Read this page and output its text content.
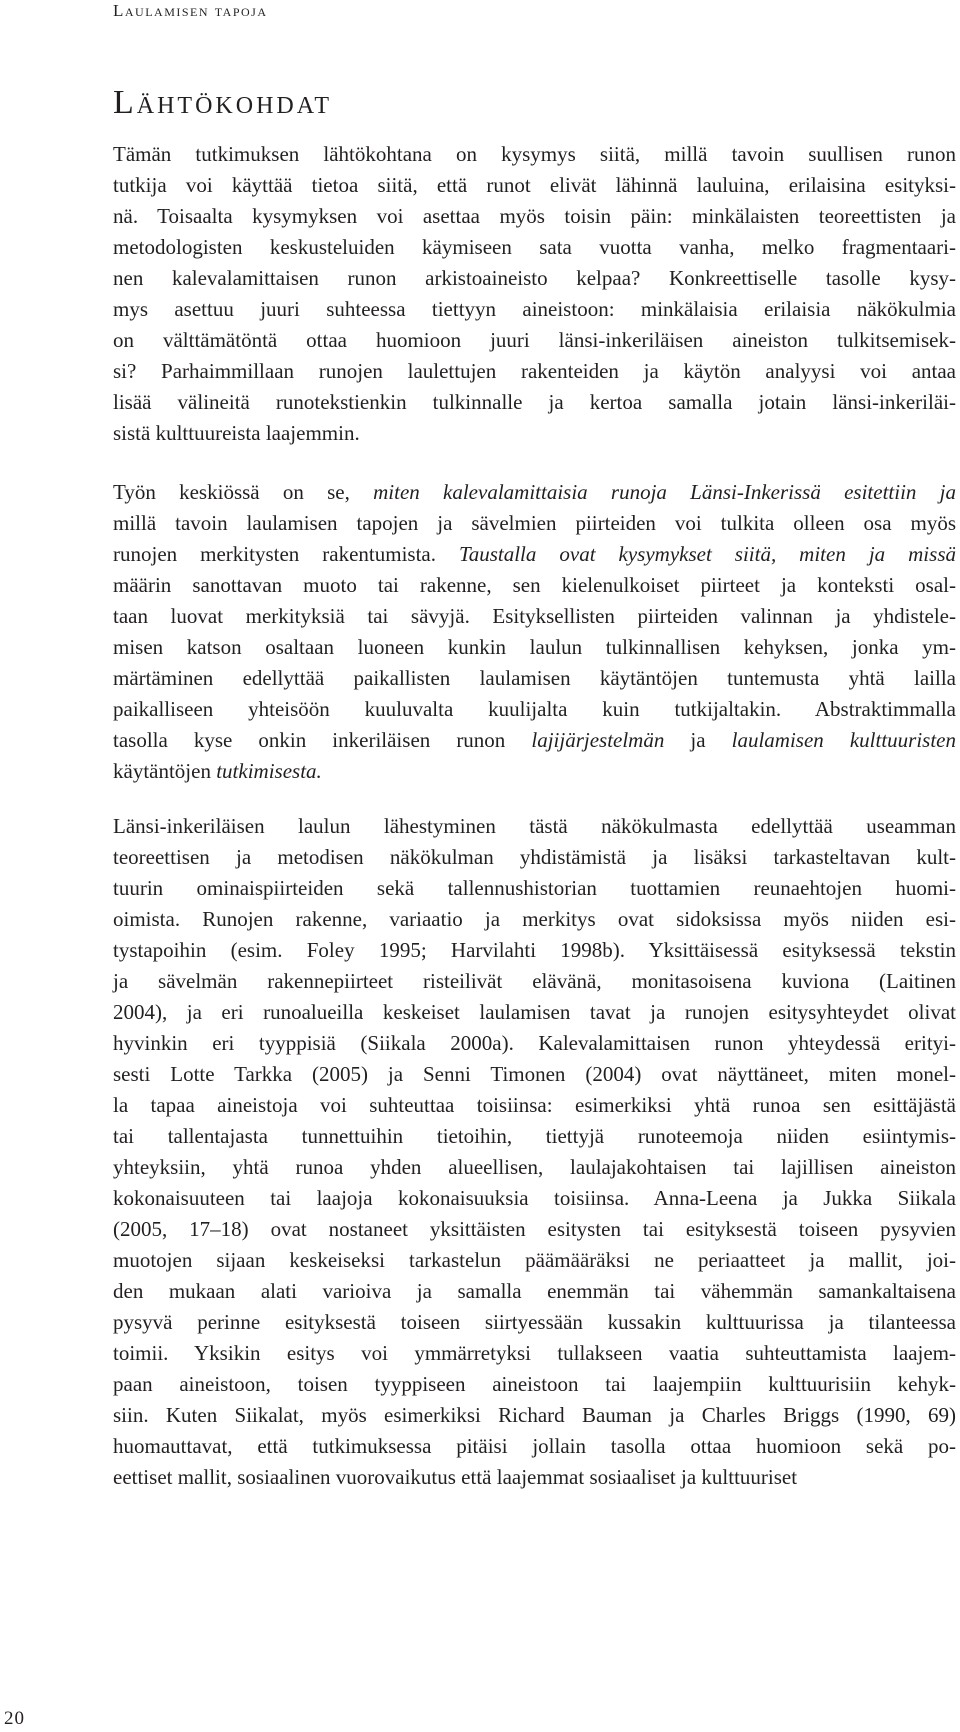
Laulamisen tapoja
Lähtökohdat
Tämän tutkimuksen lähtökohtana on kysymys siitä, millä tavoin suullisen runon
tutkija voi käyttää tietoa siitä, että runot elivät lähinnä lauluina, erilaisina esityksi-
nä. Toisaalta kysymyksen voi asettaa myös toisin päin: minkälaisten teoreettisten ja
metodologisten keskusteluiden käymiseen sata vuotta vanha, melko fragmentaari-
nen kalevalamittaisen runon arkistoaineisto kelpaa? Konkreettiselle tasolle kysy-
mys asettuu juuri suhteessa tiettyyn aineistoon: minkälaisia erilaisia näkökulmia
on välttämätöntä ottaa huomioon juuri länsi-inkeriläisen aineiston tulkitsemisek-
si? Parhaimmillaan runojen laulettujen rakenteiden ja käytön analyysi voi antaa
lisää välineitä runotekstienkin tulkinnalle ja kertoa samalla jotain länsi-inkeriläi-
sistä kulttuureista laajemmin.
Työn keskiössä on se, miten kalevalamittaisia runoja Länsi-Inkerissä esitettiin ja
millä tavoin laulamisen tapojen ja sävelmien piirteiden voi tulkita olleen osa myös
runojen merkitysten rakentumista. Taustalla ovat kysymykset siitä, miten ja missä
määrin sanottavan muoto tai rakenne, sen kielenulkoiset piirteet ja konteksti osal-
taan luovat merkityksiä tai sävyjä. Esityksellisten piirteiden valinnan ja yhdistele-
misen katson osaltaan luoneen kunkin laulun tulkinnallisen kehyksen, jonka ym-
märtäminen edellyttää paikallisten laulamisen käytäntöjen tuntemusta yhtä lailla
paikalliseen yhteisöön kuuluvalta kuulijalta kuin tutkijaltakin. Abstraktimmalla
tasolla kyse onkin inkeriläisen runon lajijärjestelmän ja laulamisen kulttuuristen
käytäntöjen tutkimisesta.
Länsi-inkeriläisen laulun lähestyminen tästä näkökulmasta edellyttää useamman
teoreettisen ja metodisen näkökulman yhdistämistä ja lisäksi tarkasteltavan kult-
tuurin ominaispiirteiden sekä tallennushistorian tuottamien reunaehtojen huomi-
oimista. Runojen rakenne, variaatio ja merkitys ovat sidoksissa myös niiden esi-
tystapoihin (esim. Foley 1995; Harvilahti 1998b). Yksittäisessä esityksessä tekstin
ja sävelmän rakennepiirteet risteilivät elävänä, monitasoisena kuviona (Laitinen
2004), ja eri runoalueilla keskeiset laulamisen tavat ja runojen esitysyhteydet olivat
hyvinkin eri tyyppisiä (Siikala 2000a). Kalevalamittaisen runon yhteydessä erityi-
sesti Lotte Tarkka (2005) ja Senni Timonen (2004) ovat näyttäneet, miten monel-
la tapaa aineistoja voi suhteuttaa toisiinsa: esimerkiksi yhtä runoa sen esittäjästä
tai tallentajasta tunnettuihin tietoihin, tiettyjä runoteemoja niiden esiintymis-
yhteyksiin, yhtä runoa yhden alueellisen, laulajakohtaisen tai lajillisen aineiston
kokonaisuuteen tai laajoja kokonaisuuksia toisiinsa. Anna-Leena ja Jukka Siikala
(2005, 17–18) ovat nostaneet yksittäisten esitysten tai esityksestä toiseen pysyvien
muotojen sijaan keskeiseksi tarkastelun päämääräksi ne periaatteet ja mallit, joi-
den mukaan alati varioiva ja samalla enemmän tai vähemmän samankaltaisena
pysyvä perinne esityksestä toiseen siirtyessään kussakin kulttuurissa ja tilanteessa
toimii. Yksikin esitys voi ymmärretyksi tullakseen vaatia suhteuttamista laajem-
paan aineistoon, toisen tyyppiseen aineistoon tai laajempiin kulttuurisiin kehyk-
siin. Kuten Siikalat, myös esimerkiksi Richard Bauman ja Charles Briggs (1990, 69)
huomauttavat, että tutkimuksessa pitäisi jollain tasolla ottaa huomioon sekä po-
eettiset mallit, sosiaalinen vuorovaikutus että laajemmat sosiaaliset ja kulttuuriset
20
